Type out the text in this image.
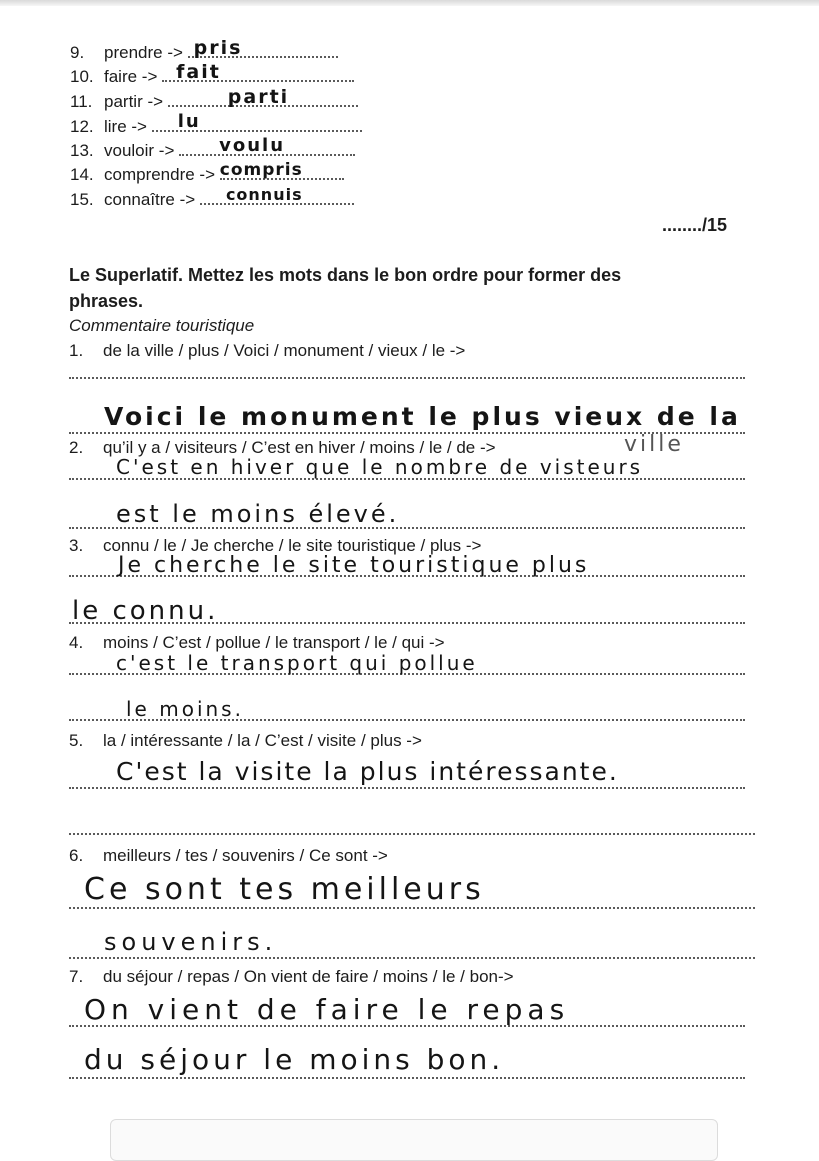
9. prendre -> pris
10. faire -> fait
11. partir ->	parti
12. lire -> lu
13. vouloir -> voulu
14. comprendre -> compris
15. connaître -> connuis
......../15
Le Superlatif. Mettez les mots dans le bon ordre pour former des
phrases.
Commentaire touristique
1. de la ville / plus / Voici / monument / vieux / le ->
Voici le monument le plus vieux de la
ville
2. qu’il y a / visiteurs / C’est en hiver / moins / le / de ->
C'est en hiver que le nombre de visteurs
est le moins élevé.
3. connu / le / Je cherche / le site touristique / plus ->
Je cherche le site touristique plus
le connu.
4. moins / C’est / pollue / le transport / le / qui ->
c'est le transport qui pollue
le moins.
5. la / intéressante / la / C’est / visite / plus ->
C'est la visite la plus intéressante.
6. meilleurs / tes / souvenirs / Ce sont ->
Ce sont tes meilleurs
souvenirs.
7. du séjour / repas / On vient de faire / moins / le / bon->
On vient de faire le repas
du séjour le moins bon.
